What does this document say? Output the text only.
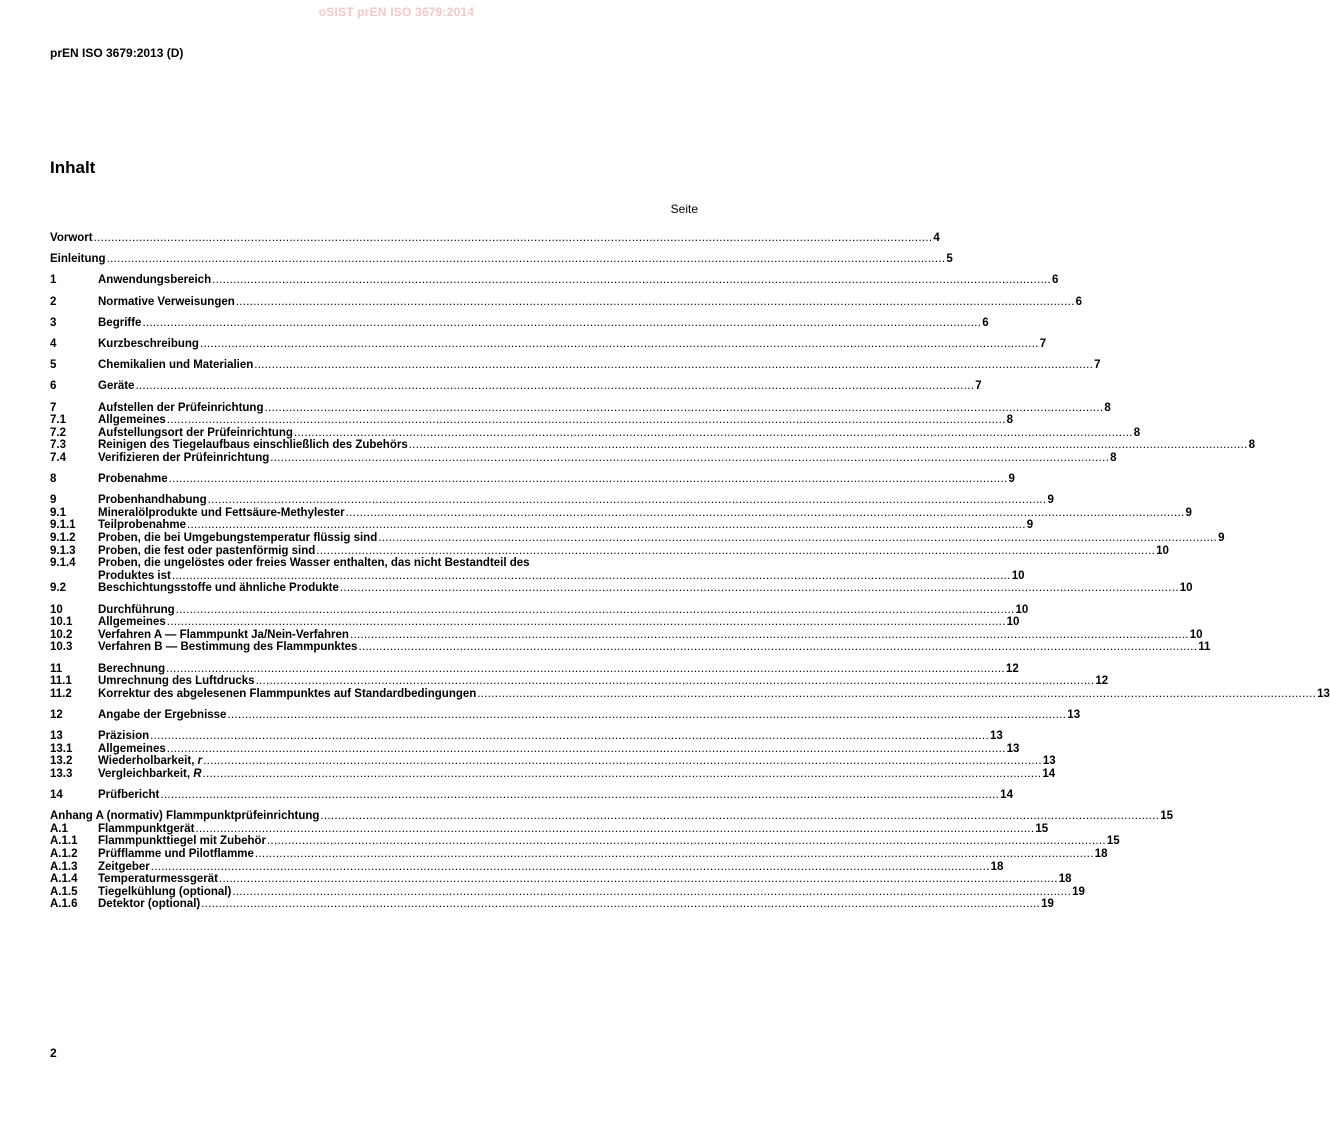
oSIST prEN ISO 3679:2014
prEN ISO 3679:2013 (D)
Inhalt
Seite
Vorwort .....	4
Einleitung .....	5
1	Anwendungsbereich .....	6
2	Normative Verweisungen .....	6
3	Begriffe .....	6
4	Kurzbeschreibung .....	7
5	Chemikalien und Materialien .....	7
6	Geräte .....	7
7	Aufstellen der Prüfeinrichtung .....	8
7.1	Allgemeines .....	8
7.2	Aufstellungsort der Prüfeinrichtung .....	8
7.3	Reinigen des Tiegelaufbaus einschließlich des Zubehörs .....	8
7.4	Verifizieren der Prüfeinrichtung .....	8
8	Probenahme .....	9
9	Probenhandhabung .....	9
9.1	Mineralölprodukte und Fettsäure-Methylester .....	9
9.1.1	Teilprobenahme .....	9
9.1.2	Proben, die bei Umgebungstemperatur flüssig sind .....	9
9.1.3	Proben, die fest oder pastenförmig sind .....	10
9.1.4	Proben, die ungelöstes oder freies Wasser enthalten, das nicht Bestandteil des
Produktes ist .....	10
9.2	Beschichtungsstoffe und ähnliche Produkte .....	10
10	Durchführung .....	10
10.1	Allgemeines .....	10
10.2	Verfahren A — Flammpunkt Ja/Nein-Verfahren .....	10
10.3	Verfahren B — Bestimmung des Flammpunktes .....	11
11	Berechnung .....	12
11.1	Umrechnung des Luftdrucks .....	12
11.2	Korrektur des abgelesenen Flammpunktes auf Standardbedingungen .....	13
12	Angabe der Ergebnisse .....	13
13	Präzision .....	13
13.1	Allgemeines .....	13
13.2	Wiederholbarkeit, r .....	13
13.3	Vergleichbarkeit, R .....	14
14	Prüfbericht .....	14
Anhang A (normativ) Flammpunktprüfeinrichtung .....	15
A.1	Flammpunktgerät .....	15
A.1.1	Flammpunkttiegel mit Zubehör .....	15
A.1.2	Prüfflamme und Pilotflamme .....	18
A.1.3	Zeitgeber .....	18
A.1.4	Temperaturmessgerät .....	18
A.1.5	Tiegelkühlung (optional) .....	19
A.1.6	Detektor (optional) .....	19
2
